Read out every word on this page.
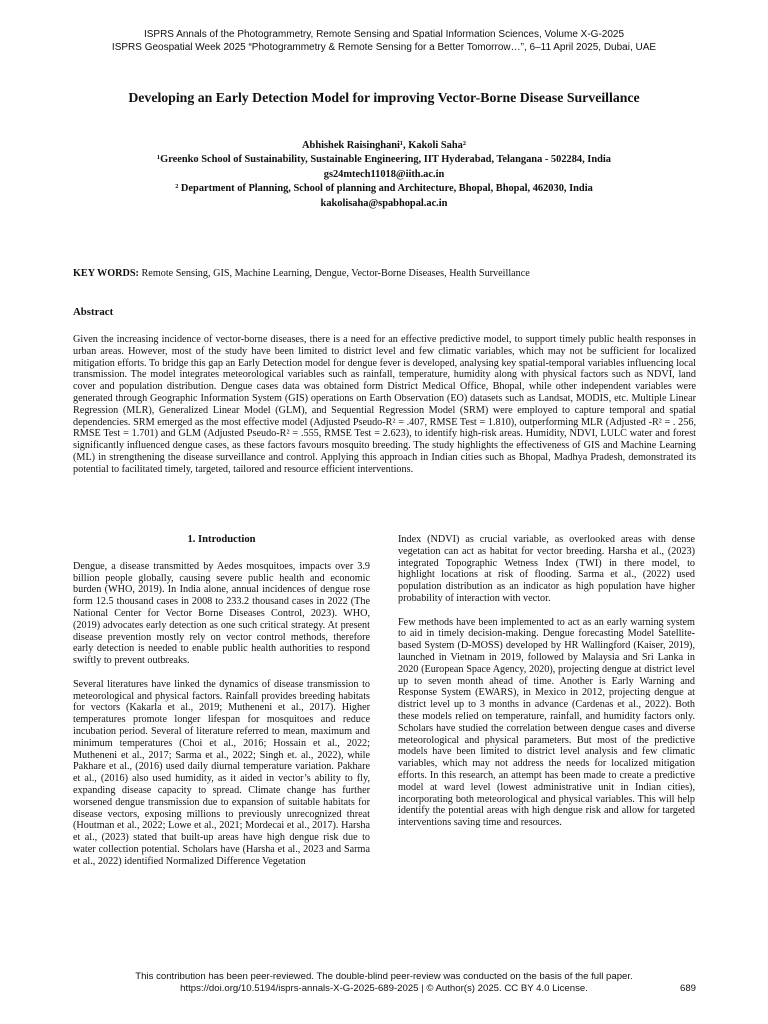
ISPRS Annals of the Photogrammetry, Remote Sensing and Spatial Information Sciences, Volume X-G-2025
ISPRS Geospatial Week 2025 “Photogrammetry & Remote Sensing for a Better Tomorrow…”, 6–11 April 2025, Dubai, UAE
Developing an Early Detection Model for improving Vector-Borne Disease Surveillance
Abhishek Raisinghani¹, Kakoli Saha²
¹Greenko School of Sustainability, Sustainable Engineering, IIT Hyderabad, Telangana - 502284, India
gs24mtech11018@iith.ac.in
² Department of Planning, School of planning and Architecture, Bhopal, Bhopal, 462030, India
kakolisaha@spabhopal.ac.in
KEY WORDS: Remote Sensing, GIS, Machine Learning, Dengue, Vector-Borne Diseases, Health Surveillance
Abstract

Given the increasing incidence of vector-borne diseases, there is a need for an effective predictive model, to support timely public health responses in urban areas. However, most of the study have been limited to district level and few climatic variables, which may not be sufficient for localized mitigation efforts. To bridge this gap an Early Detection model for dengue fever is developed, analysing key spatial-temporal variables influencing local transmission. The model integrates meteorological variables such as rainfall, temperature, humidity along with physical factors such as NDVI, land cover and population distribution. Dengue cases data was obtained form District Medical Office, Bhopal, while other independent variables were generated through Geographic Information System (GIS) operations on Earth Observation (EO) datasets such as Landsat, MODIS, etc. Multiple Linear Regression (MLR), Generalized Linear Model (GLM), and Sequential Regression Model (SRM) were employed to capture temporal and spatial dependencies. SRM emerged as the most effective model (Adjusted Pseudo-R² = .407, RMSE Test = 1.810), outperforming MLR (Adjusted -R² = . 256, RMSE Test = 1.701) and GLM (Adjusted Pseudo-R² = .555, RMSE Test = 2.623), to identify high-risk areas. Humidity, NDVI, LULC water and forest significantly influenced dengue cases, as these factors favours mosquito breeding. The study highlights the effectiveness of GIS and Machine Learning (ML) in strengthening the disease surveillance and control. Applying this approach in Indian cities such as Bhopal, Madhya Pradesh, demonstrated its potential to facilitated timely, targeted, tailored and resource efficient interventions.

1. Introduction

Dengue, a disease transmitted by Aedes mosquitoes, impacts over 3.9 billion people globally, causing severe public health and economic burden (WHO, 2019). In India alone, annual incidences of dengue rose form 12.5 thousand cases in 2008 to 233.2 thousand cases in 2022 (The National Center for Vector Borne Diseases Control, 2023). WHO, (2019) advocates early detection as one such critical strategy. At present disease prevention mostly rely on vector control methods, therefore early detection is needed to enable public health authorities to respond swiftly to prevent outbreaks.

Several literatures have linked the dynamics of disease transmission to meteorological and physical factors. Rainfall provides breeding habitats for vectors (Kakarla et al., 2019; Mutheneni et al., 2017). Higher temperatures promote longer lifespan for mosquitoes and reduce incubation period. Several of literature referred to mean, maximum and minimum temperatures (Choi et al., 2016; Hossain et al., 2022; Mutheneni et al., 2017; Sarma et al., 2022; Singh et. al., 2022), while Pakhare et al., (2016) used daily diurnal temperature variation. Pakhare et al., (2016) also used humidity, as it aided in vector’s ability to fly, expanding disease capacity to spread. Climate change has further worsened dengue transmission due to expansion of suitable habitats for disease vectors, exposing millions to previously unrecognized threat (Houtman et al., 2022; Lowe et al., 2021; Mordecai et al., 2017). Harsha et al., (2023) stated that built-up areas have high dengue risk due to water collection potential. Scholars have (Harsha et al., 2023 and Sarma et al., 2022) identified Normalized Difference Vegetation

Index (NDVI) as crucial variable, as overlooked areas with dense vegetation can act as habitat for vector breeding. Harsha et al., (2023) integrated Topographic Wetness Index (TWI) in there model, to highlight locations at risk of flooding. Sarma et al., (2022) used population distribution as an indicator as high population have higher probability of interaction with vector.

Few methods have been implemented to act as an early warning system to aid in timely decision-making. Dengue forecasting Model Satellite-based System (D-MOSS) developed by HR Wallingford (Kaiser, 2019), launched in Vietnam in 2019, followed by Malaysia and Sri Lanka in 2020 (European Space Agency, 2020), projecting dengue at district level up to seven month ahead of time. Another is Early Warning and Response System (EWARS), in Mexico in 2012, projecting dengue at district level up to 3 months in advance (Cardenas et al., 2022). Both these models relied on temperature, rainfall, and humidity factors only. Scholars have studied the correlation between dengue cases and diverse meteorological and physical parameters. But most of the predictive models have been limited to district level analysis and few climatic variables, which may not address the needs for localized mitigation efforts. In this research, an attempt has been made to create a predictive model at ward level (lowest administrative unit in Indian cities), incorporating both meteorological and physical variables. This will help identify the potential areas with high dengue risk and allow for targeted interventions saving time and resources.

This contribution has been peer-reviewed. The double-blind peer-review was conducted on the basis of the full paper.
https://doi.org/10.5194/isprs-annals-X-G-2025-689-2025 | © Author(s) 2025. CC BY 4.0 License.	689
